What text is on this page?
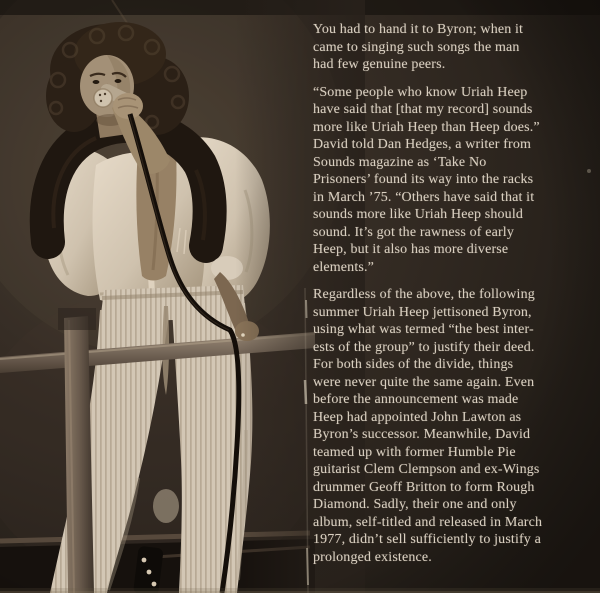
You had to hand it to Byron; when it
came to singing such songs the man
had few genuine peers.

“Some people who know Uriah Heep
have said that [that my record] sounds
more like Uriah Heep than Heep does.”
David told Dan Hedges, a writer from
Sounds magazine as ‘Take No
Prisoners’ found its way into the racks
in March ’75. “Others have said that it
sounds more like Uriah Heep should
sound. It’s got the rawness of early
Heep, but it also has more diverse
elements.”

Regardless of the above, the following
summer Uriah Heep jettisoned Byron,
using what was termed “the best inter-
ests of the group” to justify their deed.
For both sides of the divide, things
were never quite the same again. Even
before the announcement was made
Heep had appointed John Lawton as
Byron’s successor. Meanwhile, David
teamed up with former Humble Pie
guitarist Clem Clempson and ex-Wings
drummer Geoff Britton to form Rough
Diamond. Sadly, their one and only
album, self-titled and released in March
1977, didn’t sell sufficiently to justify a
prolonged existence.
